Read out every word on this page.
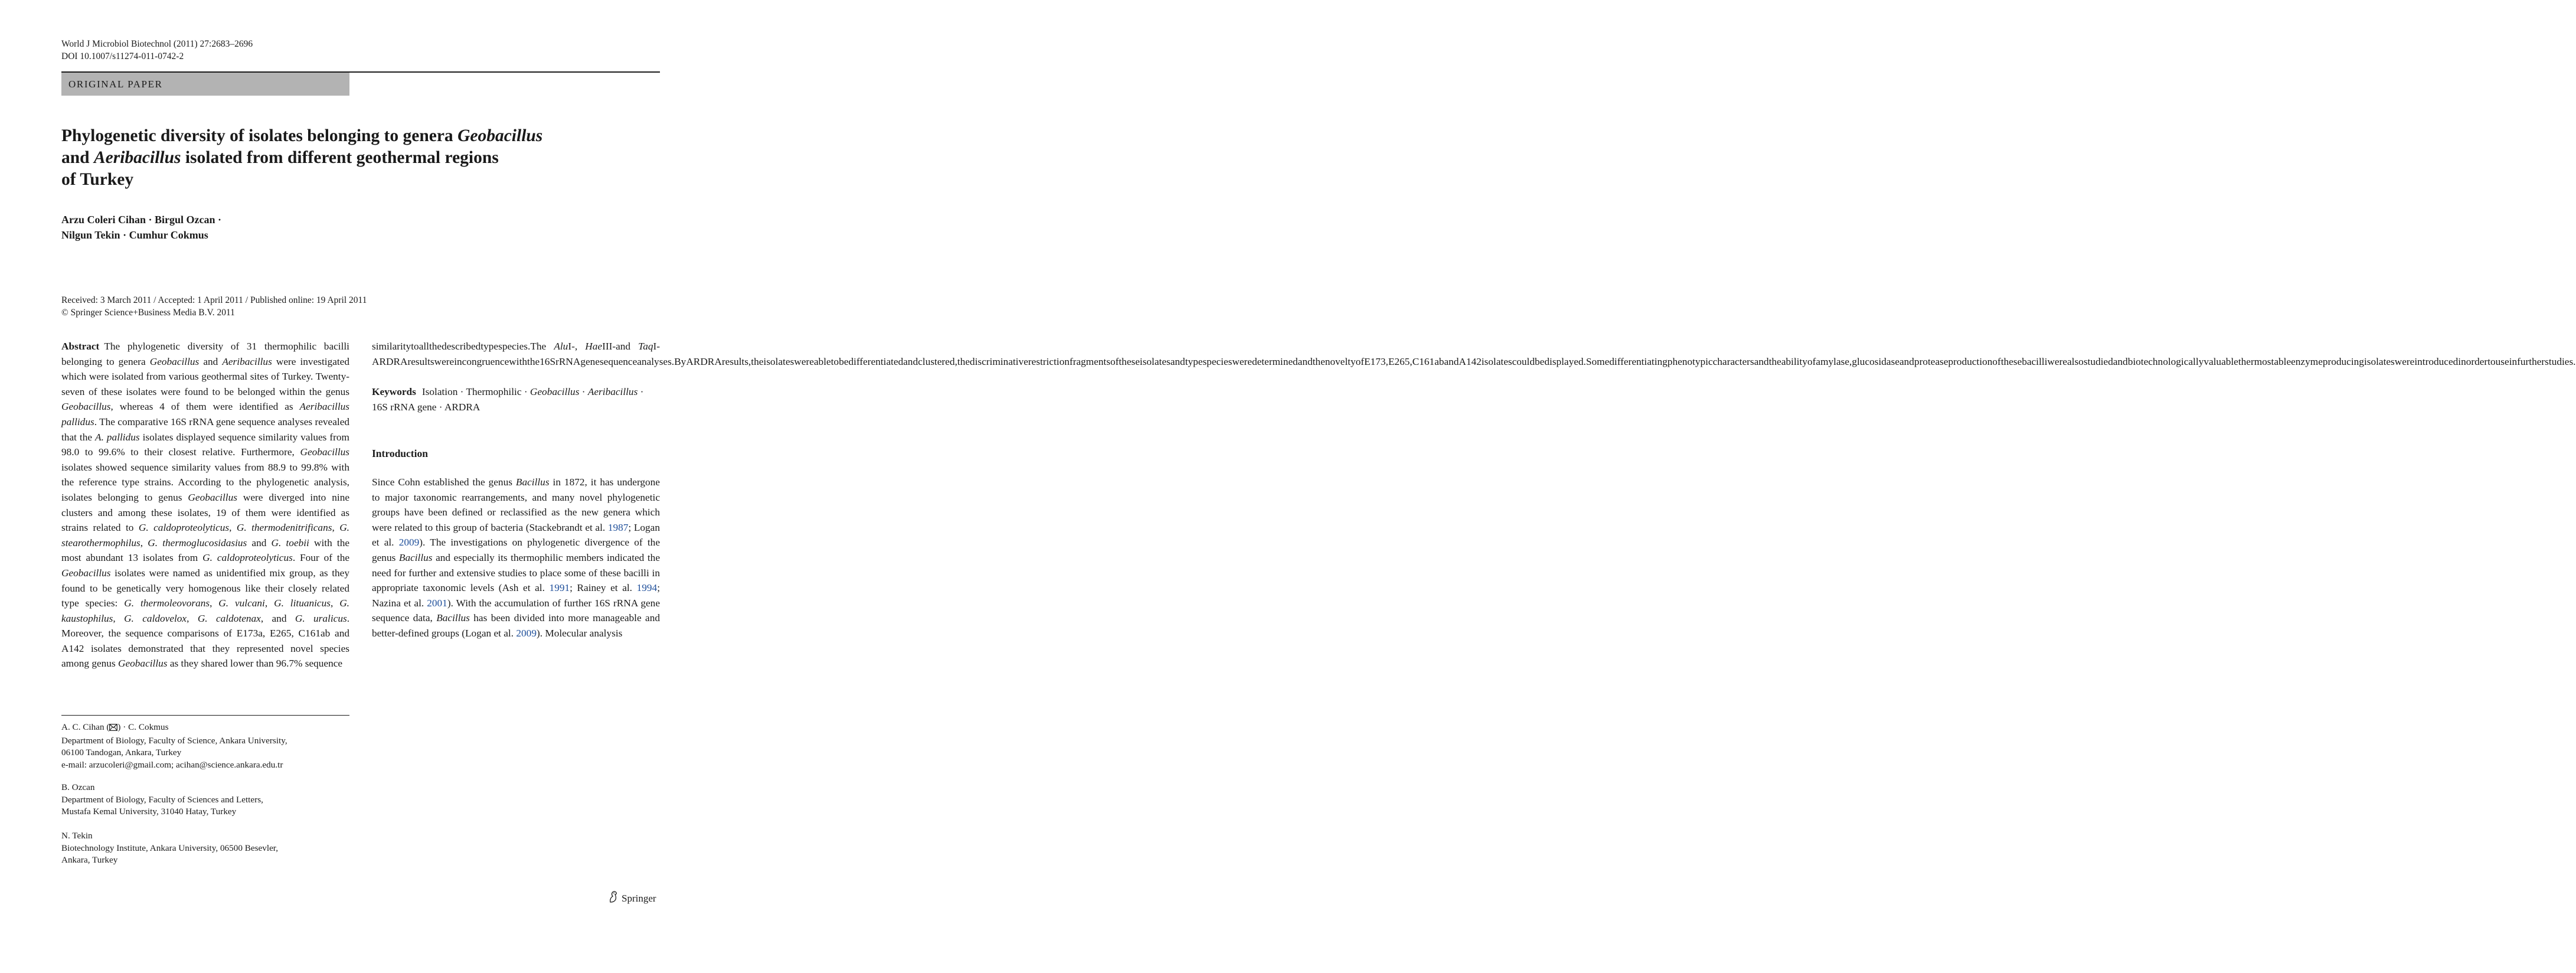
World J Microbiol Biotechnol (2011) 27:2683–2696
DOI 10.1007/s11274-011-0742-2
ORIGINAL PAPER
Phylogenetic diversity of isolates belonging to genera Geobacillus
and Aeribacillus isolated from different geothermal regions
of Turkey
Arzu Coleri Cihan · Birgul Ozcan ·
Nilgun Tekin · Cumhur Cokmus
Received: 3 March 2011 / Accepted: 1 April 2011 / Published online: 19 April 2011
© Springer Science+Business Media B.V. 2011

Abstract The phylogenetic diversity of 31 thermophilic bacilli belonging to genera Geobacillus and Aeribacillus were investigated which were isolated from various geothermal sites of Turkey. Twenty-seven of these isolates were found to be belonged within the genus Geobacillus, whereas 4 of them were identified as Aeribacillus pallidus. The comparative 16S rRNA gene sequence analyses revealed that the A. pallidus isolates displayed sequence similarity values from 98.0 to 99.6% to their closest relative. Furthermore, Geobacillus isolates showed sequence similarity values from 88.9 to 99.8% with the reference type strains. According to the phylogenetic analysis, isolates belonging to genus Geobacillus were diverged into nine clusters and among these isolates, 19 of them were identified as strains related to G. caldoproteolyticus, G. thermodenitrificans, G. stearothermophilus, G. thermoglucosidasius and G. toebii with the most abundant 13 isolates from G. caldoproteolyticus. Four of the Geobacillus isolates were named as unidentified mix group, as they found to be genetically very homogenous like their closely related type species: G. thermoleovorans, G. vulcani, G. lituanicus, G. kaustophilus, G. caldovelox, G. caldotenax, and G. uralicus. Moreover, the sequence comparisons of E173a, E265, C161ab and A142 isolates demonstrated that they represented novel species among genus Geobacillus as they shared lower than 96.7% sequence

similaritytoallthedescribedtypespecies.The AluI-, HaeIII-and TaqI-ARDRAresultswereincongruencewiththe16SrRNAgenesequenceanalyses.ByARDRAresults,theisolateswereabletobedifferentiatedandclustered,thediscriminativerestrictionfragmentsoftheseisolatesandtypespeciesweredeterminedandthenoveltyofE173,E265,C161abandA142isolatescouldbedisplayed.Somedifferentiatingphenotypiccharactersandtheabilityofamylase,glucosidaseandproteaseproductionofthesebacilliwerealsostudiedandbiotechnologicallyvaluablethermostableenzymeproducingisolateswereintroducedinordertouseinfurtherstudies.

Keywords Isolation · Thermophilic · Geobacillus · Aeribacillus · 16S rRNA gene · ARDRA

Introduction

Since Cohn established the genus Bacillus in 1872, it has undergone to major taxonomic rearrangements, and many novel phylogenetic groups have been defined or reclassified as the new genera which were related to this group of bacteria (Stackebrandt et al. 1987; Logan et al. 2009). The investigations on phylogenetic divergence of the genus Bacillus and especially its thermophilic members indicated the need for further and extensive studies to place some of these bacilli in appropriate taxonomic levels (Ash et al. 1991; Rainey et al. 1994; Nazina et al. 2001). With the accumulation of further 16S rRNA gene sequence data, Bacillus has been divided into more manageable and better-defined groups (Logan et al. 2009). Molecular analysis

A. C. Cihan ( ) · C. Cokmus
Department of Biology, Faculty of Science, Ankara University,
06100 Tandogan, Ankara, Turkey
e-mail: arzucoleri@gmail.com; acihan@science.ankara.edu.tr
B. Ozcan
Department of Biology, Faculty of Sciences and Letters,
Mustafa Kemal University, 31040 Hatay, Turkey
N. Tekin
Biotechnology Institute, Ankara University, 06500 Besevler,
Ankara, Turkey
Springer
